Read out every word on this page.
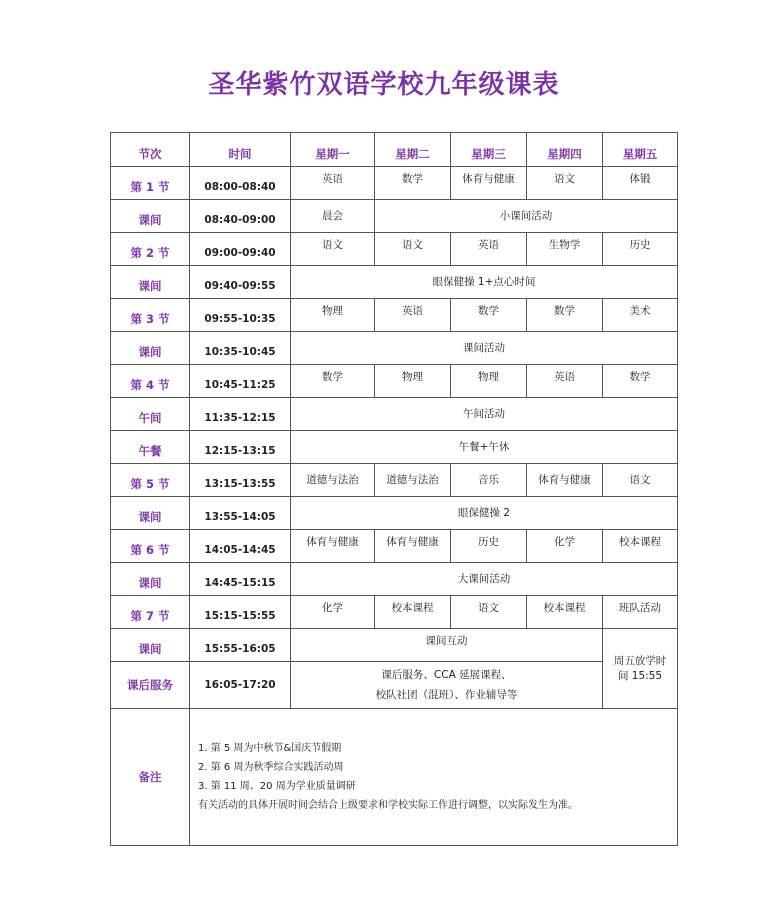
圣华紫竹双语学校九年级课表
节次	时间	星期一	星期二	星期三	星期四	星期五
第 1 节	08:00-08:40	英语	数学	体育与健康	语文	体锻
课间	08:40-09:00	晨会	小课间活动			
第 2 节	09:00-09:40	语文	语文	英语	生物学	历史
课间	09:40-09:55	眼保健操 1+点心时间				
第 3 节	09:55-10:35	物理	英语	数学	数学	美术
课间	10:35-10:45	课间活动				
第 4 节	10:45-11:25	数学	物理	物理	英语	数学
午间	11:35-12:15	午间活动				
午餐	12:15-13:15	午餐+午休				
第 5 节	13:15-13:55	道德与法治	道德与法治	音乐	体育与健康	语文
课间	13:55-14:05	眼保健操 2				
第 6 节	14:05-14:45	体育与健康	体育与健康	历史	化学	校本课程
课间	14:45-15:15	大课间活动				
第 7 节	15:15-15:55	化学	校本课程	语文	校本课程	班队活动
课间	15:55-16:05	课间互动				周五放学时
间 15:55

课后服务	16:05-17:20	课后服务、CCA 延展课程、
校队社团（混班）、作业辅导等				

备注	1. 第 5 周为中秋节&国庆节假期
2. 第 6 周为秋季综合实践活动周
3. 第 11 周、20 周为学业质量调研
有关活动的具体开展时间会结合上级要求和学校实际工作进行调整，以实际发生为准。					
